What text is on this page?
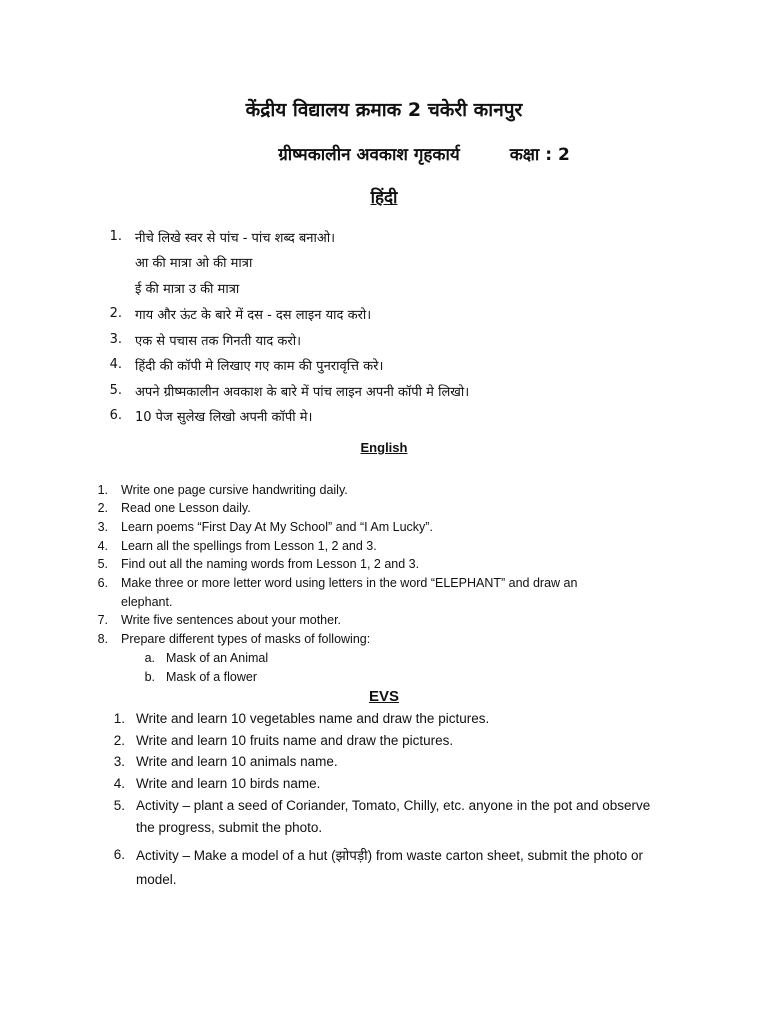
केंद्रीय विद्यालय क्रमाक 2 चकेरी कानपुर
ग्रीष्मकालीन अवकाश गृहकार्य	कक्षा : 2
हिंदी
1. नीचे लिखे स्वर से पांच - पांच शब्द बनाओ।
आ की मात्रा ओ की मात्रा
ई की मात्रा उ की मात्रा
2. गाय और ऊंट के बारे में दस - दस लाइन याद करो।
3. एक से पचास तक गिनती याद करो।
4. हिंदी की कॉपी मे लिखाए गए काम की पुनरावृत्ति करे।
5. अपने ग्रीष्मकालीन अवकाश के बारे में पांच लाइन अपनी कॉपी मे लिखो।
6. 10 पेज सुलेख लिखो अपनी कॉपी मे।
English
1. Write one page cursive handwriting daily.
2. Read one Lesson daily.
3. Learn poems “First Day At My School” and “I Am Lucky”.
4. Learn all the spellings from Lesson 1, 2 and 3.
5. Find out all the naming words from Lesson 1, 2 and 3.
6. Make three or more letter word using letters in the word “ELEPHANT” and draw an
elephant.
7. Write five sentences about your mother.
8. Prepare different types of masks of following:
a. Mask of an Animal
b. Mask of a flower
EVS
1. Write and learn 10 vegetables name and draw the pictures.
2. Write and learn 10 fruits name and draw the pictures.
3. Write and learn 10 animals name.
4. Write and learn 10 birds name.
5. Activity – plant a seed of Coriander, Tomato, Chilly, etc. anyone in the pot and observe
the progress, submit the photo.
6. Activity – Make a model of a hut (झोपड़ी) from waste carton sheet, submit the photo or
model.
